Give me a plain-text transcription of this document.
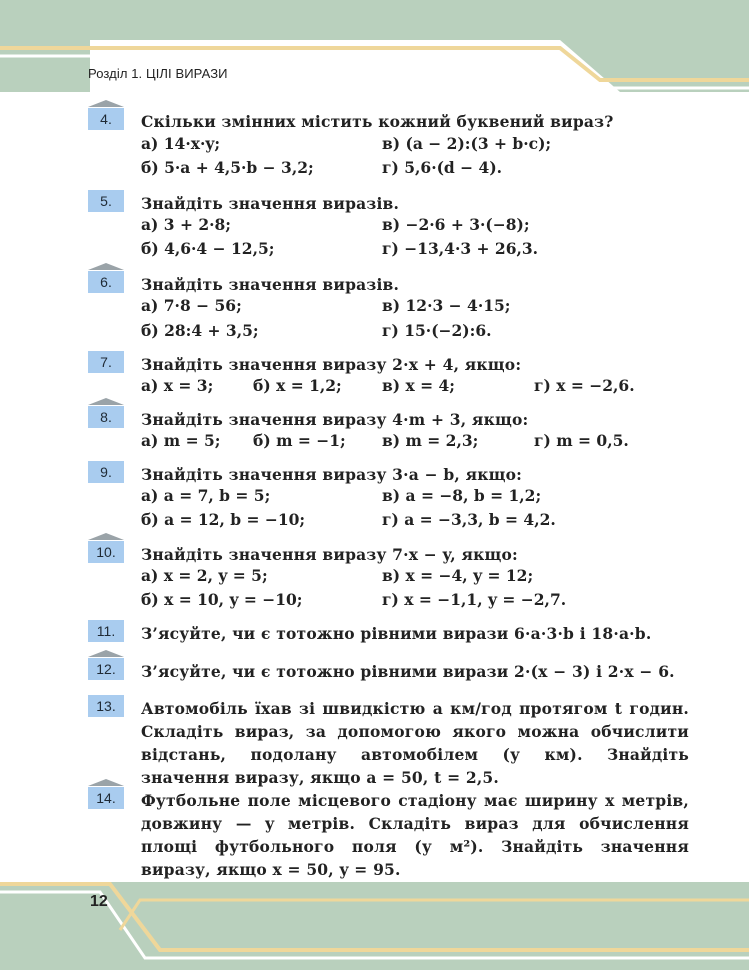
Розділ 1. ЦІЛІ ВИРАЗИ
12
4.	Скільки змінних містить кожний буквений вираз?
а) 14·x·y;	в) (a − 2):(3 + b·c);
б) 5·a + 4,5·b − 3,2;	г) 5,6·(d − 4).
5.	Знайдіть значення виразів.
а) 3 + 2·8;	в) −2·6 + 3·(−8);
б) 4,6·4 − 12,5;	г) −13,4·3 + 26,3.
6.	Знайдіть значення виразів.
а) 7·8 − 56;	в) 12·3 − 4·15;
б) 28:4 + 3,5;	г) 15·(−2):6.
7.	Знайдіть значення виразу 2·x + 4, якщо:
а) x = 3;	б) x = 1,2;	в) x = 4;	г) x = −2,6.
8.	Знайдіть значення виразу 4·m + 3, якщо:
а) m = 5; б) m = −1; в) m = 2,3;	г) m = 0,5.
9.	Знайдіть значення виразу 3·a − b, якщо:
а) a = 7, b = 5;	в) a = −8, b = 1,2;
б) a = 12, b = −10;	г) a = −3,3, b = 4,2.
10.	Знайдіть значення виразу 7·x − y, якщо:
а) x = 2, y = 5;	в) x = −4, y = 12;
б) x = 10, y = −10;	г) x = −1,1, y = −2,7.
11.	З’ясуйте, чи є тотожно рівними вирази 6·a·3·b і 18·a·b.
12.	З’ясуйте, чи є тотожно рівними вирази 2·(x − 3) і 2·x − 6.
13.	Автомобіль їхав зі швидкістю a км/год протягом t годин. Складіть вираз, за допомогою якого можна обчислити відстань, подолану автомобілем (у км). Знайдіть значення виразу, якщо a = 50, t = 2,5.
14.	Футбольне поле місцевого стадіону має ширину x метрів, довжину — y метрів. Складіть вираз для обчислення площі футбольного поля (у м²). Знайдіть значення виразу, якщо x = 50, y = 95.
